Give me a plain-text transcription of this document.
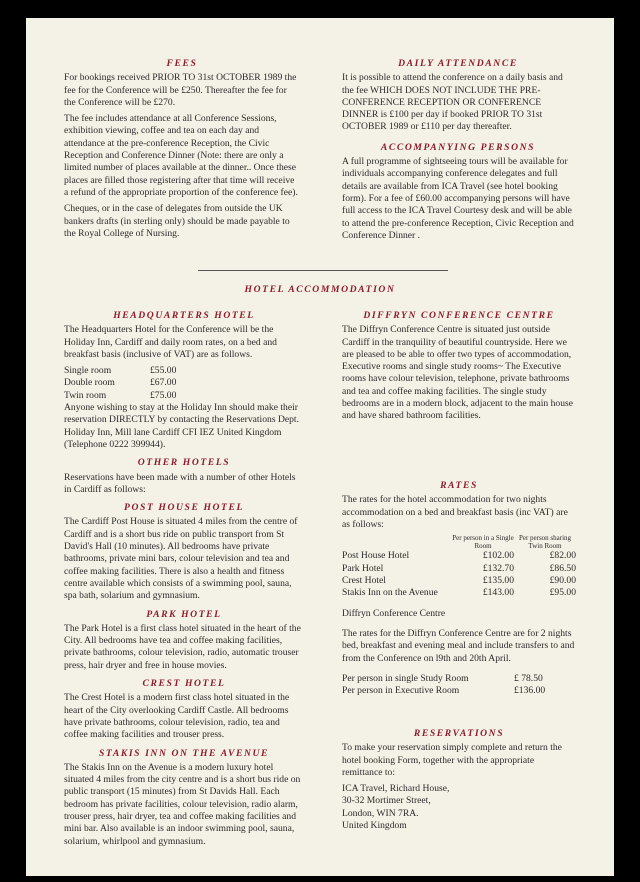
FEES
For bookings received PRIOR TO 31st OCTOBER 1989 the fee for the Conference will be £250. Thereafter the fee for the Conference will be £270.
The fee includes attendance at all Conference Sessions, exhibition viewing, coffee and tea on each day and attendance at the pre-conference Reception, the Civic Reception and Conference Dinner (Note: there are only a limited number of places available at the dinner.. Once these places are filled those registering after that time will receive a refund of the appropriate proportion of the conference fee).
Cheques, or in the case of delegates from outside the UK bankers drafts (in sterling only) should be made payable to the Royal College of Nursing.
DAILY ATTENDANCE
It is possible to attend the conference on a daily basis and the fee WHICH DOES NOT INCLUDE THE PRE-CONFERENCE RECEPTION OR CONFERENCE DINNER is £100 per day if booked PRIOR TO 31st OCTOBER 1989 or £110 per day thereafter.
ACCOMPANYING PERSONS
A full programme of sightseeing tours will be available for individuals accompanying conference delegates and full details are available from ICA Travel (see hotel booking form). For a fee of £60.00 accompanying persons will have full access to the ICA Travel Courtesy desk and will be able to attend the pre-conference Reception, Civic Reception and Conference Dinner .
HOTEL ACCOMMODATION
HEADQUARTERS HOTEL
The Headquarters Hotel for the Conference will be the Holiday Inn, Cardiff and daily room rates, on a bed and breakfast basis (inclusive of VAT) are as follows.
Single room	£55.00
Double room	£67.00
Twin room	£75.00
Anyone wishing to stay at the Holiday Inn should make their reservation DIRECTLY by contacting the Reservations Dept. Holiday Inn, Mill lane Cardiff CFI IEZ United Kingdom (Telephone 0222 399944).
OTHER HOTELS
Reservations have been made with a number of other Hotels in Cardiff as follows:
POST HOUSE HOTEL
The Cardiff Post House is situated 4 miles from the centre of Cardiff and is a short bus ride on public transport from St David's Hall (10 minutes). All bedrooms have private bathrooms, private mini bars, colour television and tea and coffee making facilities. There is also a health and fitness centre available which consists of a swimming pool, sauna, spa bath, solarium and gymnasium.
PARK HOTEL
The Park Hotel is a first class hotel situated in the heart of the City. All bedrooms have tea and coffee making facilities, private bathrooms, colour television, radio, automatic trouser press, hair dryer and free in house movies.
CREST HOTEL
The Crest Hotel is a modern first class hotel situated in the heart of the City overlooking Cardiff Castle. All bedrooms have private bathrooms, colour television, radio, tea and coffee making facilities and trouser press.
STAKIS INN ON THE AVENUE
The Stakis Inn on the Avenue is a modern luxury hotel situated 4 miles from the city centre and is a short bus ride on public transport (15 minutes) from St Davids Hall. Each bedroom has private facilities, colour television, radio alarm, trouser press, hair dryer, tea and coffee making facilities and mini bar. Also available is an indoor swimming pool, sauna, solarium, whirlpool and gymnasium.
DIFFRYN CONFERENCE CENTRE
The Diffryn Conference Centre is situated just outside Cardiff in the tranquility of beautiful countryside. Here we are pleased to be able to offer two types of accommodation, Executive rooms and single study rooms~ The Executive rooms have colour television, telephone, private bathrooms and tea and coffee making facilities. The single study bedrooms are in a modern block, adjacent to the main house and have shared bathroom facilities.
RATES
The rates for the hotel accommodation for two nights accommodation on a bed and breakfast basis (inc VAT) are as follows:
	Per person in a Single Room	Per person sharing Twin Room
Post House Hotel	£102.00	£82.00
Park Hotel	£132.70	£86.50
Crest Hotel	£135.00	£90.00
Stakis Inn on the Avenue	£143.00	£95.00
Diffryn Conference Centre
The rates for the Diffryn Conference Centre are for 2 nights bed, breakfast and evening meal and include transfers to and from the Conference on l9th and 20th April.
Per person in single Study Room	£ 78.50
Per person in Executive Room	£136.00
RESERVATIONS
To make your reservation simply complete and return the hotel booking Form, together with the appropriate remittance to:
ICA Travel, Richard House,
30-32 Mortimer Street,
London, WIN 7RA.
United Kingdom
